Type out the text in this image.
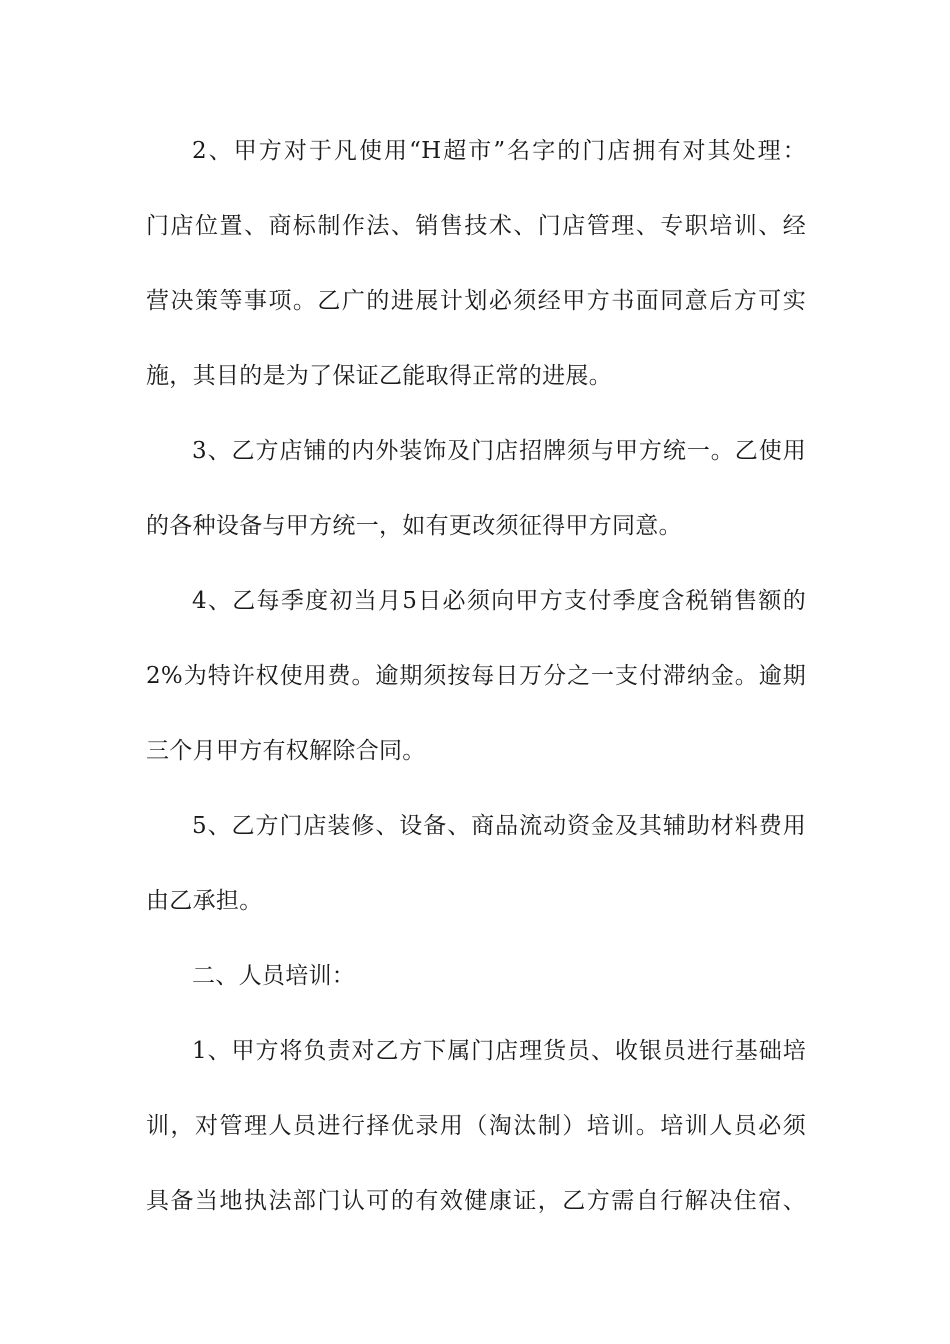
2、甲方对于凡使用“H超市”名字的门店拥有对其处理：
门店位置、商标制作法、销售技术、门店管理、专职培训、经
营决策等事项。乙广的进展计划必须经甲方书面同意后方可实
施，其目的是为了保证乙能取得正常的进展。
3、乙方店铺的内外装饰及门店招牌须与甲方统一。乙使用
的各种设备与甲方统一，如有更改须征得甲方同意。
4、乙每季度初当月5日必须向甲方支付季度含税销售额的
2%为特许权使用费。逾期须按每日万分之一支付滞纳金。逾期
三个月甲方有权解除合同。
5、乙方门店装修、设备、商品流动资金及其辅助材料费用
由乙承担。
二、人员培训：
1、甲方将负责对乙方下属门店理货员、收银员进行基础培
训，对管理人员进行择优录用（淘汰制）培训。培训人员必须
具备当地执法部门认可的有效健康证，乙方需自行解决住宿、
